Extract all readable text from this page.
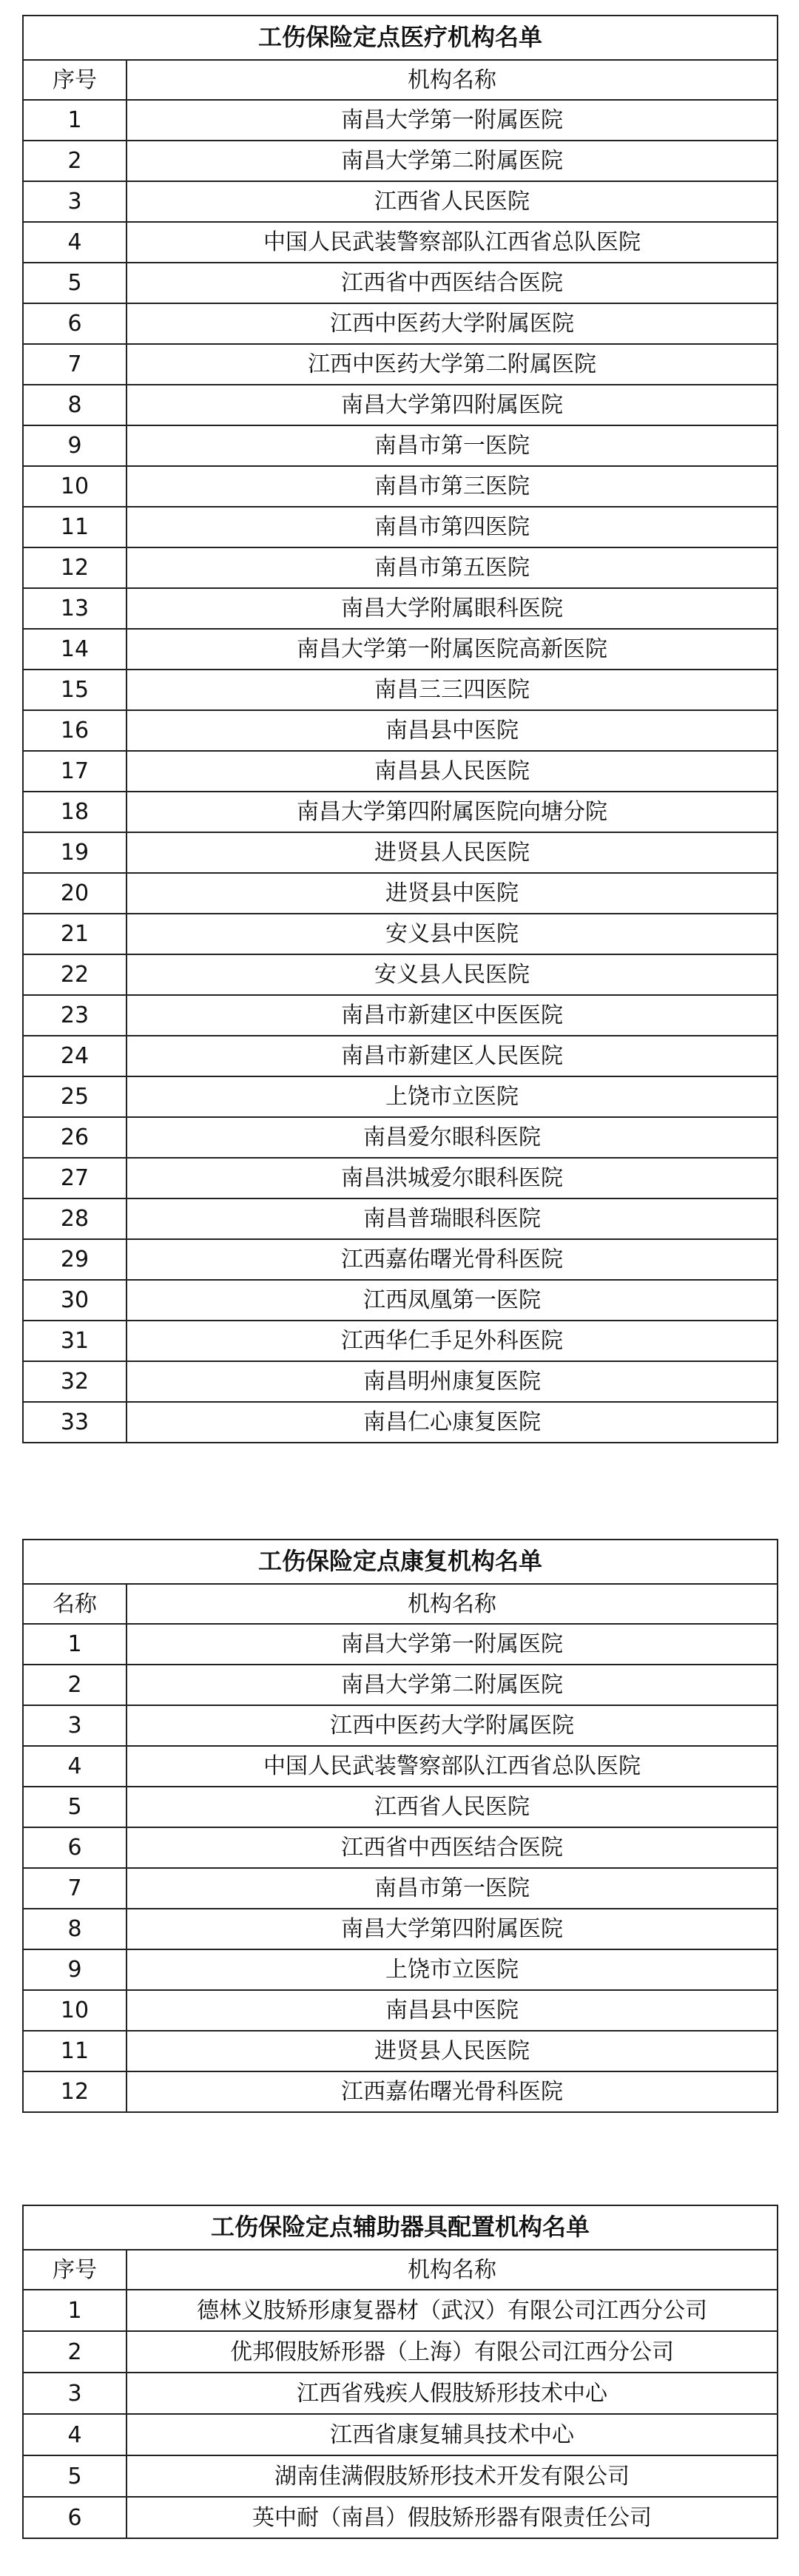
工伤保险定点医疗机构名单	
序号	机构名称
1	南昌大学第一附属医院
2	南昌大学第二附属医院
3	江西省人民医院
4	中国人民武装警察部队江西省总队医院
5	江西省中西医结合医院
6	江西中医药大学附属医院
7	江西中医药大学第二附属医院
8	南昌大学第四附属医院
9	南昌市第一医院
10	南昌市第三医院
11	南昌市第四医院
12	南昌市第五医院
13	南昌大学附属眼科医院
14	南昌大学第一附属医院高新医院
15	南昌三三四医院
16	南昌县中医院
17	南昌县人民医院
18	南昌大学第四附属医院向塘分院
19	进贤县人民医院
20	进贤县中医院
21	安义县中医院
22	安义县人民医院
23	南昌市新建区中医医院
24	南昌市新建区人民医院
25	上饶市立医院
26	南昌爱尔眼科医院
27	南昌洪城爱尔眼科医院
28	南昌普瑞眼科医院
29	江西嘉佑曙光骨科医院
30	江西凤凰第一医院
31	江西华仁手足外科医院
32	南昌明州康复医院
33	南昌仁心康复医院
工伤保险定点康复机构名单	
名称	机构名称
1	南昌大学第一附属医院
2	南昌大学第二附属医院
3	江西中医药大学附属医院
4	中国人民武装警察部队江西省总队医院
5	江西省人民医院
6	江西省中西医结合医院
7	南昌市第一医院
8	南昌大学第四附属医院
9	上饶市立医院
10	南昌县中医院
11	进贤县人民医院
12	江西嘉佑曙光骨科医院
工伤保险定点辅助器具配置机构名单	
序号	机构名称
1	德林义肢矫形康复器材（武汉）有限公司江西分公司
2	优邦假肢矫形器（上海）有限公司江西分公司
3	江西省残疾人假肢矫形技术中心
4	江西省康复辅具技术中心
5	湖南佳满假肢矫形技术开发有限公司
6	英中耐（南昌）假肢矫形器有限责任公司
